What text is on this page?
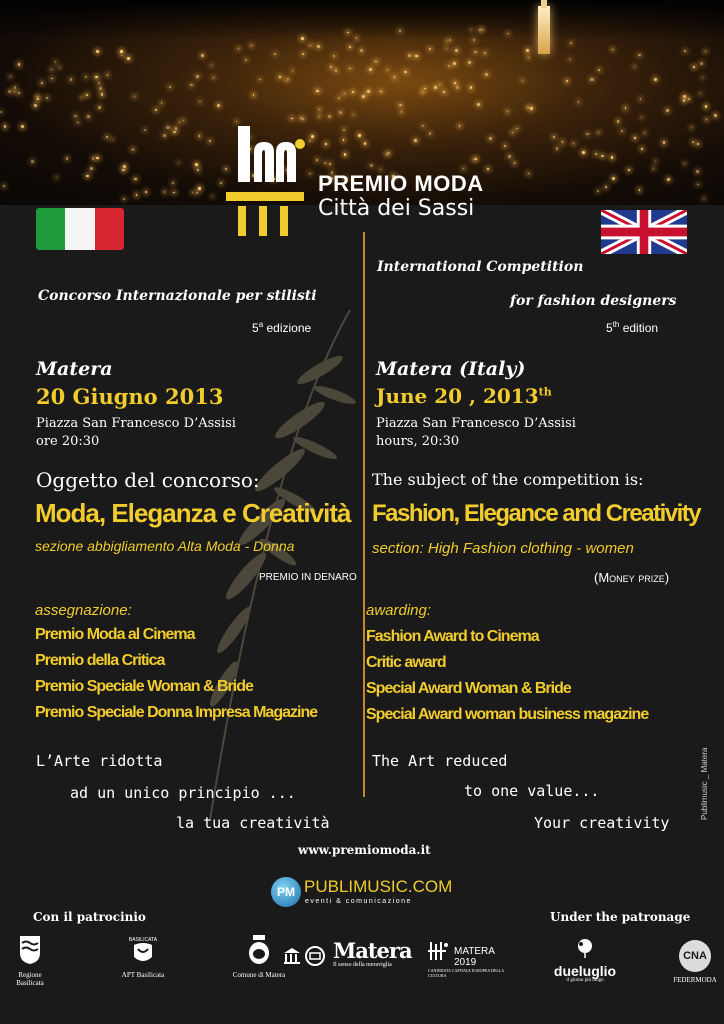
PREMIO MODA
Città dei Sassi

Concorso Internazionale per stilisti

5$^a$ edizione

Matera

20 Giugno 2013

Piazza San Francesco D’Assisi

ore 20:30

Oggetto del concorso:

Moda, Eleganza e Creatività

sezione abbigliamento Alta Moda - Donna

PREMIO IN DENARO

assegnazione:

Premio Moda al Cinema

Premio della Critica

Premio Speciale Woman & Bride

Premio Speciale Donna Impresa Magazine

L’Arte ridotta

ad un unico principio ...

la tua creatività

International Competition

for fashion designers

5th edition

Matera (Italy)

June 20 , 2013th

Piazza San Francesco D’Assisi

hours, 20:30

The subject of the competition is:

Fashion, Elegance and Creativity

section: High Fashion clothing - women

(Money prize)

awarding:

Fashion Award to Cinema

Critic award

Special Award Woman & Bride

Special Award woman business magazine

The Art reduced

to one value...

Your creativity

www.premiomoda.it

PM PUBLIMUSIC.COM

eventi & comunicazione

Publimusic _ Matera

Con il patrocinio	Under the patronage

Regione Basilicata
BASILICATA
APT Basilicata	Comune di Matera
Matera
Il senso della meraviglia
MATERA 2019
CANDIDATA CAPITALE EUROPEA DELLA CULTURA	dueluglio
il giorno più lungo
CNA
FEDERMODA
